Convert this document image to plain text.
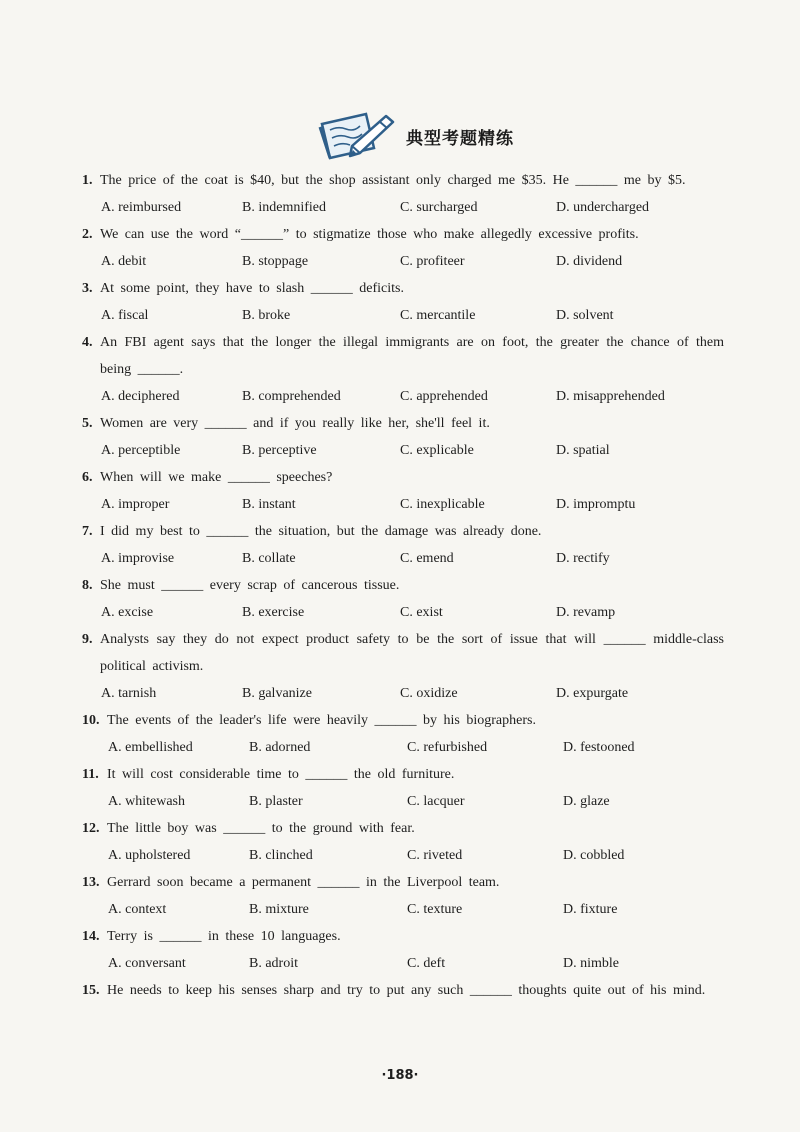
典型考题精练
1. The price of the coat is $40, but the shop assistant only charged me $35. He ______ me by $5.
A. reimbursed	B. indemnified	C. surcharged	D. undercharged
2. We can use the word “______” to stigmatize those who make allegedly excessive profits.
A. debit	B. stoppage	C. profiteer	D. dividend
3. At some point, they have to slash ______ deficits.
A. fiscal	B. broke	C. mercantile	D. solvent
4. An FBI agent says that the longer the illegal immigrants are on foot, the greater the chance of them being ______.
A. deciphered	B. comprehended	C. apprehended	D. misapprehended
5. Women are very ______ and if you really like her, she'll feel it.
A. perceptible	B. perceptive	C. explicable	D. spatial
6. When will we make ______ speeches?
A. improper	B. instant	C. inexplicable	D. impromptu
7. I did my best to ______ the situation, but the damage was already done.
A. improvise	B. collate	C. emend	D. rectify
8. She must ______ every scrap of cancerous tissue.
A. excise	B. exercise	C. exist	D. revamp
9. Analysts say they do not expect product safety to be the sort of issue that will ______ middle-class political activism.
A. tarnish	B. galvanize	C. oxidize	D. expurgate
10. The events of the leader's life were heavily ______ by his biographers.
A. embellished	B. adorned	C. refurbished	D. festooned
11. It will cost considerable time to ______ the old furniture.
A. whitewash	B. plaster	C. lacquer	D. glaze
12. The little boy was ______ to the ground with fear.
A. upholstered	B. clinched	C. riveted	D. cobbled
13. Gerrard soon became a permanent ______ in the Liverpool team.
A. context	B. mixture	C. texture	D. fixture
14. Terry is ______ in these 10 languages.
A. conversant	B. adroit	C. deft	D. nimble
15. He needs to keep his senses sharp and try to put any such ______ thoughts quite out of his mind.
·188·
